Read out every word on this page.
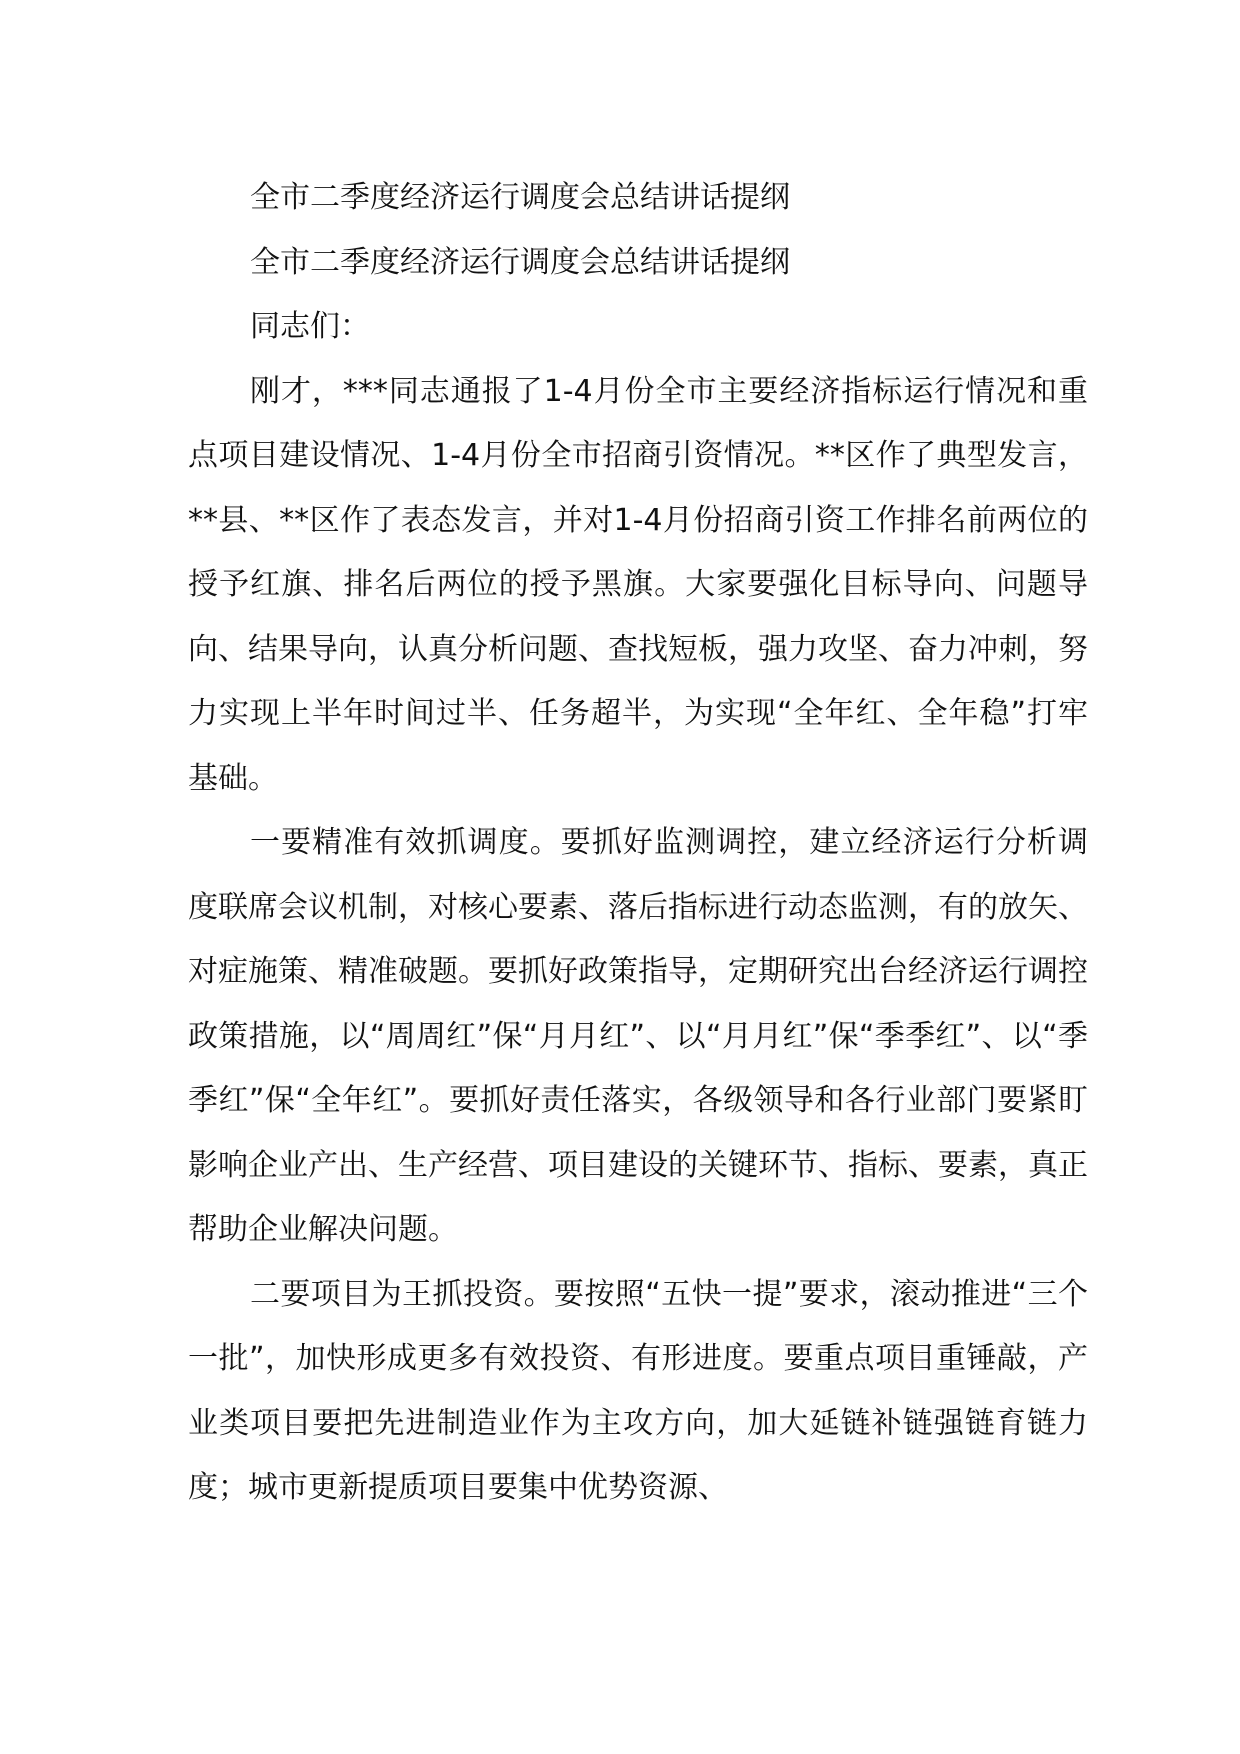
全市二季度经济运行调度会总结讲话提纲

全市二季度经济运行调度会总结讲话提纲

同志们：

刚才，***同志通报了1-4月份全市主要经济指标运行情况和重点项目建设情况、1-4月份全市招商引资情况。**区作了典型发言，**县、**区作了表态发言，并对1-4月份招商引资工作排名前两位的授予红旗、排名后两位的授予黑旗。大家要强化目标导向、问题导向、结果导向，认真分析问题、查找短板，强力攻坚、奋力冲刺，努力实现上半年时间过半、任务超半，为实现“全年红、全年稳”打牢基础。

一要精准有效抓调度。要抓好监测调控，建立经济运行分析调度联席会议机制，对核心要素、落后指标进行动态监测，有的放矢、对症施策、精准破题。要抓好政策指导，定期研究出台经济运行调控政策措施，以“周周红”保“月月红”、以“月月红”保“季季红”、以“季季红”保“全年红”。要抓好责任落实，各级领导和各行业部门要紧盯影响企业产出、生产经营、项目建设的关键环节、指标、要素，真正帮助企业解决问题。

二要项目为王抓投资。要按照“五快一提”要求，滚动推进“三个一批”，加快形成更多有效投资、有形进度。要重点项目重锤敲，产业类项目要把先进制造业作为主攻方向，加大延链补链强链育链力度；城市更新提质项目要集中优势资源、
